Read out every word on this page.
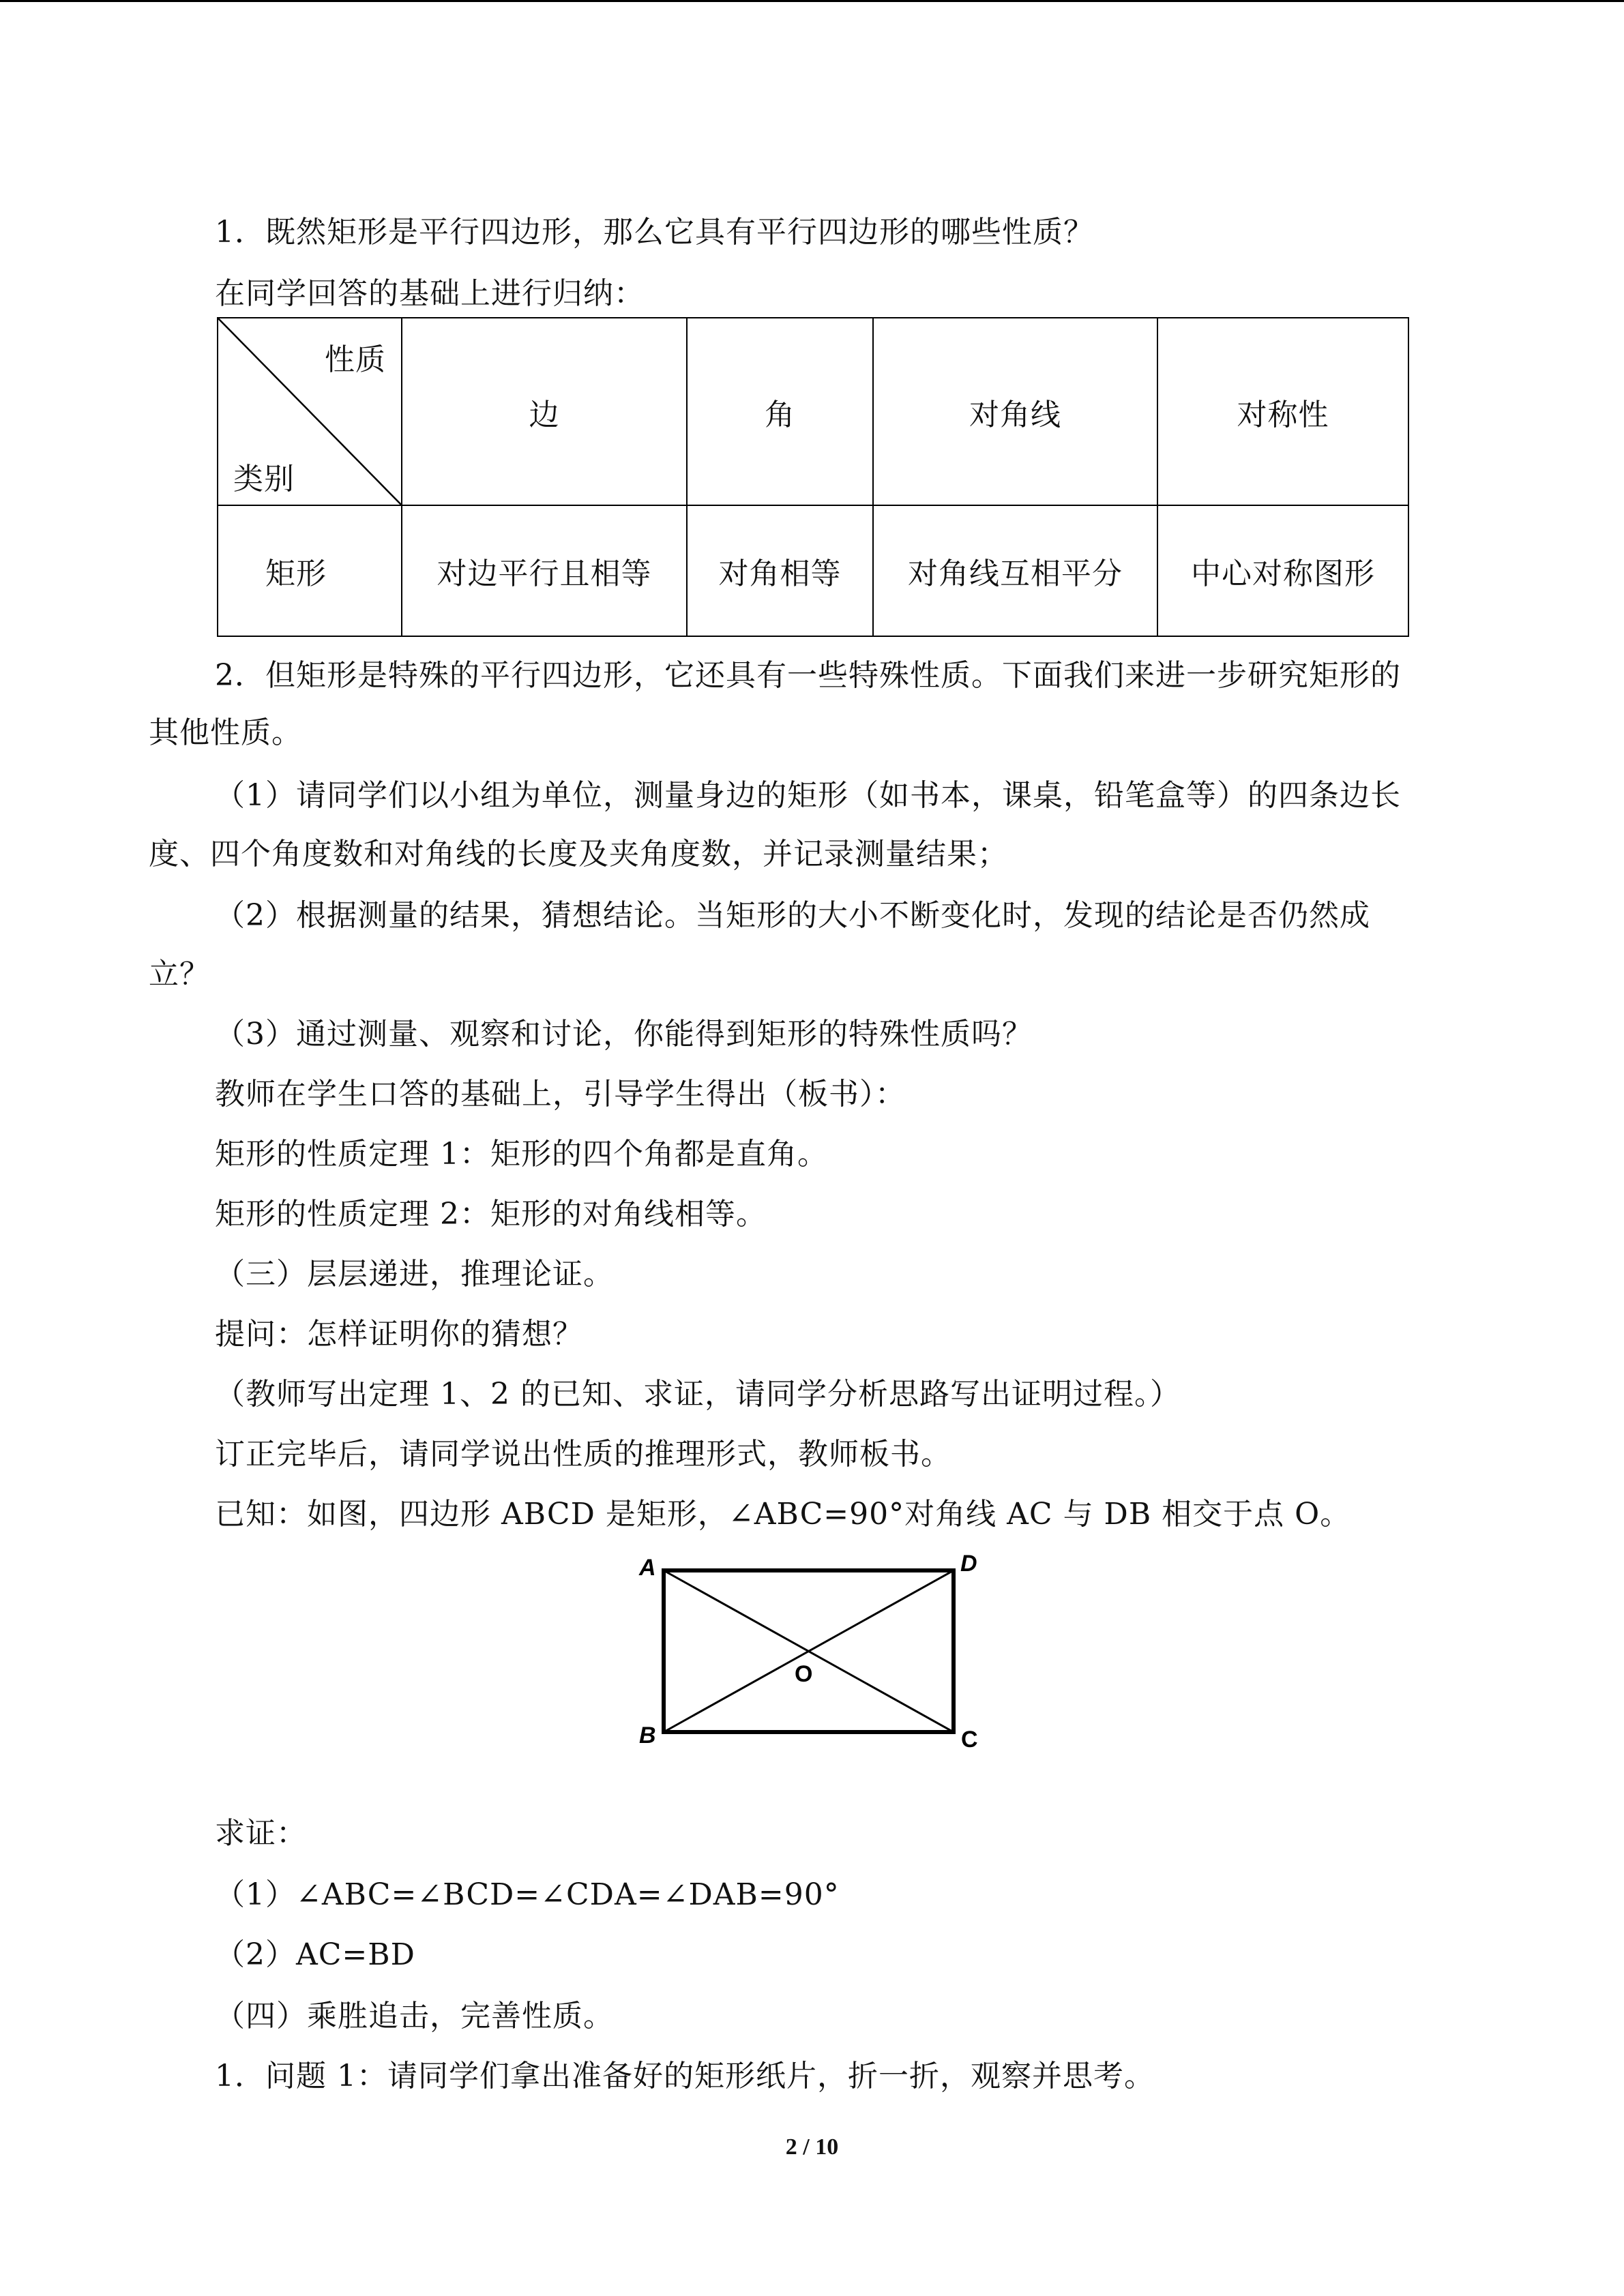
1．既然矩形是平行四边形，那么它具有平行四边形的哪些性质？
在同学回答的基础上进行归纳：
性质
类别	边	角	对角线	对称性
矩形	对边平行且相等	对角相等	对角线互相平分	中心对称图形
2．但矩形是特殊的平行四边形，它还具有一些特殊性质。下面我们来进一步研究矩形的
其他性质。
（1）请同学们以小组为单位，测量身边的矩形（如书本，课桌，铅笔盒等）的四条边长
度、四个角度数和对角线的长度及夹角度数，并记录测量结果；
（2）根据测量的结果，猜想结论。当矩形的大小不断变化时，发现的结论是否仍然成
立？
（3）通过测量、观察和讨论，你能得到矩形的特殊性质吗？
教师在学生口答的基础上，引导学生得出（板书）：
矩形的性质定理 1：矩形的四个角都是直角。
矩形的性质定理 2：矩形的对角线相等。
（三）层层递进，推理论证。
提问：怎样证明你的猜想？
（教师写出定理 1、2 的已知、求证，请同学分析思路写出证明过程。）
订正完毕后，请同学说出性质的推理形式，教师板书。
已知：如图，四边形 ABCD 是矩形，∠ABC=90°对角线 AC 与 DB 相交于点 O。
A	D
O
B	C
求证：
（1）∠ABC=∠BCD=∠CDA=∠DAB=90°
（2）AC=BD
（四）乘胜追击，完善性质。
1．问题 1：请同学们拿出准备好的矩形纸片，折一折，观察并思考。
2 / 10
